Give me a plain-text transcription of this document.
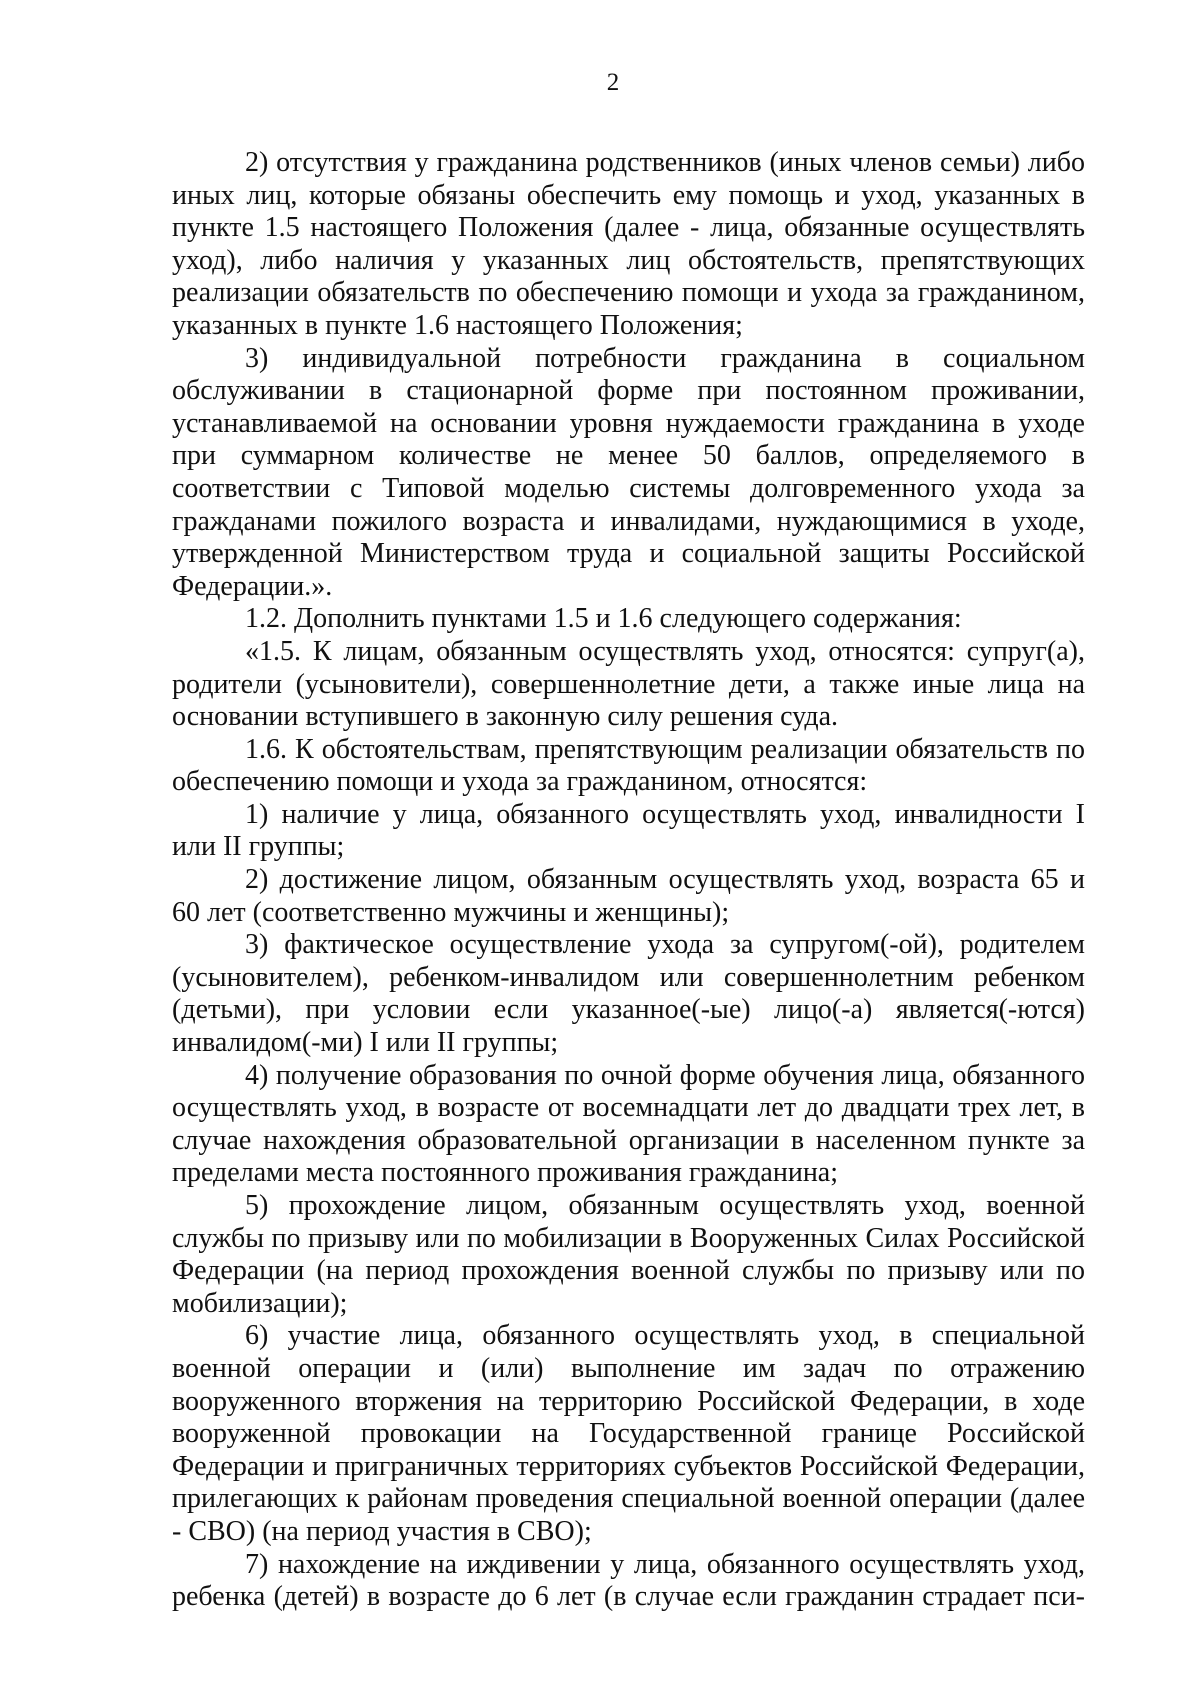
2

2) отсутствия у гражданина родственников (иных членов семьи) либо иных лиц, которые обязаны обеспечить ему помощь и уход, указанных в пункте 1.5 настоящего Положения (далее - лица, обязанные осуществлять уход), либо наличия у указанных лиц обстоятельств, препятствующих реализации обязательств по обеспечению помощи и ухода за гражданином, указанных в пункте 1.6 настоящего Положения;

3) индивидуальной потребности гражданина в социальном обслуживании в стационарной форме при постоянном проживании, устанавливаемой на основании уровня нуждаемости гражданина в уходе при суммарном количестве не менее 50 баллов, определяемого в соответствии с Типовой моделью системы долговременного ухода за гражданами пожилого возраста и инвалидами, нуждающимися в уходе, утвержденной Министерством труда и социальной защиты Российской Федерации.».

1.2. Дополнить пунктами 1.5 и 1.6 следующего содержания:

«1.5. К лицам, обязанным осуществлять уход, относятся: супруг(а), родители (усыновители), совершеннолетние дети, а также иные лица на основании вступившего в законную силу решения суда.

1.6. К обстоятельствам, препятствующим реализации обязательств по обеспечению помощи и ухода за гражданином, относятся:

1) наличие у лица, обязанного осуществлять уход, инвалидности I или II группы;

2) достижение лицом, обязанным осуществлять уход, возраста 65 и 60 лет (соответственно мужчины и женщины);

3) фактическое осуществление ухода за супругом(-ой), родителем (усыновителем), ребенком-инвалидом или совершеннолетним ребенком (детьми), при условии если указанное(-ые) лицо(-а) является(-ются) инвалидом(-ми) I или II группы;

4) получение образования по очной форме обучения лица, обязанного осуществлять уход, в возрасте от восемнадцати лет до двадцати трех лет, в случае нахождения образовательной организации в населенном пункте за пределами места постоянного проживания гражданина;

5) прохождение лицом, обязанным осуществлять уход, военной службы по призыву или по мобилизации в Вооруженных Силах Российской Федерации (на период прохождения военной службы по призыву или по мобилизации);

6) участие лица, обязанного осуществлять уход, в специальной военной операции и (или) выполнение им задач по отражению вооруженного вторжения на территорию Российской Федерации, в ходе вооруженной провокации на Государственной границе Российской Федерации и приграничных территориях субъектов Российской Федерации, прилегающих к районам проведения специальной военной операции (далее - СВО) (на период участия в СВО);

7) нахождение на иждивении у лица, обязанного осуществлять уход, ребенка (детей) в возрасте до 6 лет (в случае если гражданин страдает пси-
